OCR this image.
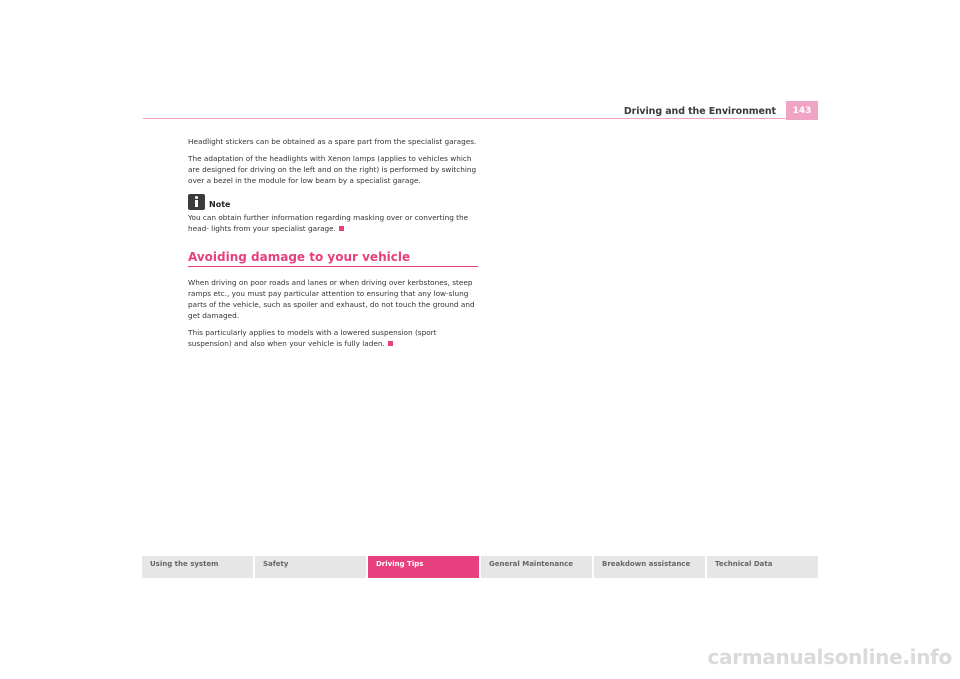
Driving and the Environment	143

Headlight stickers can be obtained as a spare part from the specialist garages.

The adaptation of the headlights with Xenon lamps (applies to vehicles which are designed for driving on the left and on the right) is performed by switching over a bezel in the module for low beam by a specialist garage.

Note

You can obtain further information regarding masking over or converting the head- lights from your specialist garage.

Avoiding damage to your vehicle

When driving on poor roads and lanes or when driving over kerbstones, steep ramps etc., you must pay particular attention to ensuring that any low-slung parts of the vehicle, such as spoiler and exhaust, do not touch the ground and get damaged.

This particularly applies to models with a lowered suspension (sport suspension) and also when your vehicle is fully laden.

Using the system	Safety	Driving Tips	General Maintenance	Breakdown assistance	Technical Data
carmanualsonline.info
